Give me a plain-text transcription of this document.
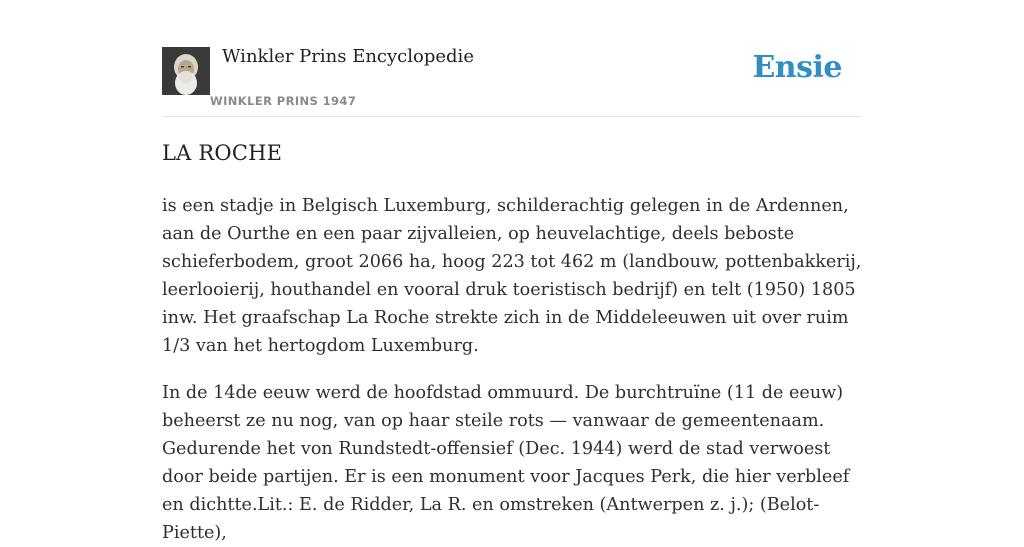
Winkler Prins Encyclopedie
WINKLER PRINS 1947
Ensie
LA ROCHE

is een stadje in Belgisch Luxemburg, schilderachtig gelegen in de Ardennen, aan de Ourthe en een paar zijvalleien, op heuvelachtige, deels beboste schieferbodem, groot 2066 ha, hoog 223 tot 462 m (landbouw, pottenbakkerij, leerlooierij, houthandel en vooral druk toeristisch bedrijf) en telt (1950) 1805 inw. Het graafschap La Roche strekte zich in de Middeleeuwen uit over ruim 1/3 van het hertogdom Luxemburg.

In de 14de eeuw werd de hoofdstad ommuurd. De burchtruïne (11 de eeuw) beheerst ze nu nog, van op haar steile rots — vanwaar de gemeentenaam. Gedurende het von Rundstedt-offensief (Dec. 1944) werd de stad verwoest door beide partijen. Er is een monument voor Jacques Perk, die hier verbleef en dichtte.Lit.: E. de Ridder, La R. en omstreken (Antwerpen z. j.); (Belot-Piette),
